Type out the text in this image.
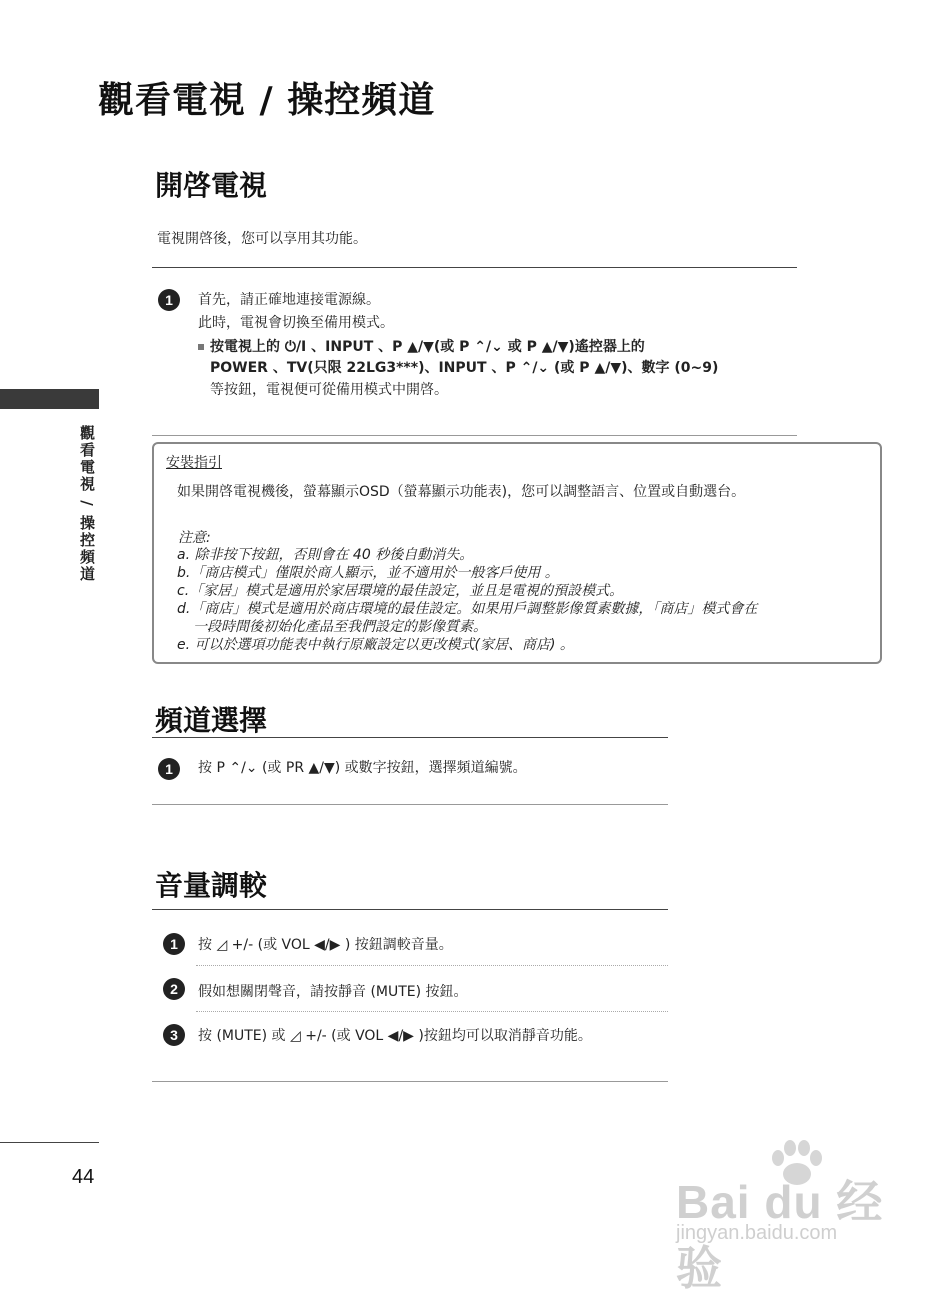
觀看電視 / 操控頻道
觀看電視 / 操控頻道
開啓電視
電視開啓後，您可以享用其功能。
1	首先，請正確地連接電源線。
此時，電視會切換至備用模式。
按電視上的 ⏻/I 、INPUT 、P ▲/▼(或 P ⌃/⌄ 或 P ▲/▼)遙控器上的
POWER 、TV(只限 22LG3***)、INPUT 、P ⌃/⌄ (或 P ▲/▼)、數字 (0~9)
等按鈕，電視便可從備用模式中開啓。
安裝指引
如果開啓電視機後，螢幕顯示OSD（螢幕顯示功能表)，您可以調整語言、位置或自動選台。
注意:
a. 除非按下按鈕，否則會在 40 秒後自動消失。
b.「商店模式」僅限於商人顯示，並不適用於一般客戶使用 。
c.「家居」模式是適用於家居環境的最佳設定，並且是電視的預設模式。
d.「商店」模式是適用於商店環境的最佳設定。如果用戶調整影像質素數據，「商店」模式會在
一段時間後初始化產品至我們設定的影像質素。
e. 可以於選項功能表中執行原廠設定以更改模式(家居、商店) 。
頻道選擇
1	按 P ⌃/⌄ (或 PR ▲/▼) 或數字按鈕，選擇頻道編號。
音量調較
1	按 ◿ +/- (或 VOL ◀/▶ ) 按鈕調較音量。
2	假如想關閉聲音，請按靜音 (MUTE) 按鈕。
3	按 (MUTE) 或 ◿ +/- (或 VOL ◀/▶ )按鈕均可以取消靜音功能。
44	Bai du 经验
jingyan.baidu.com
